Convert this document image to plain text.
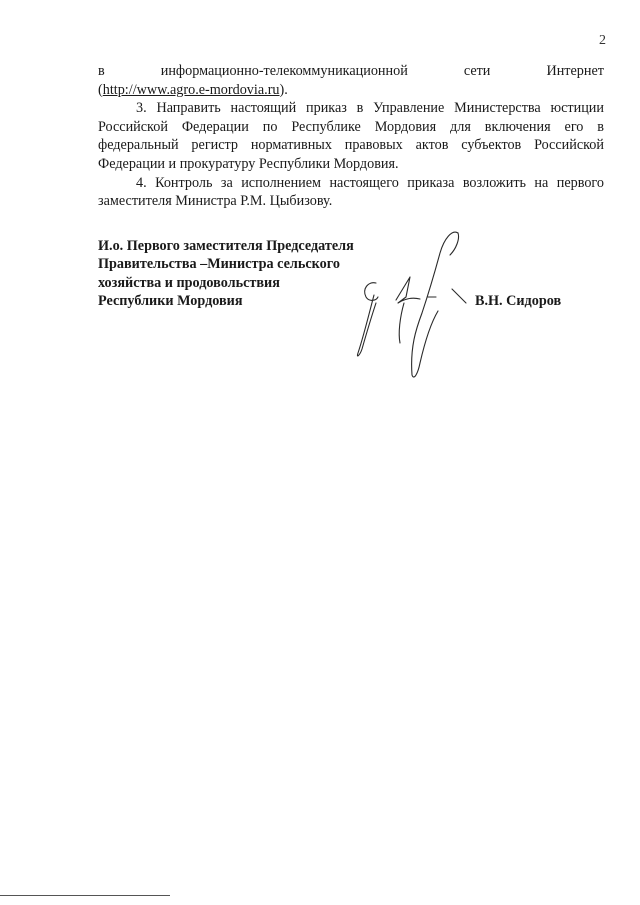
2
в	информационно-телекоммуникационной	сети	Интернет
(http://www.agro.e-mordovia.ru).

3. Направить настоящий приказ в Управление Министерства юстиции Российской Федерации по Республике Мордовия для включения его в федеральный регистр нормативных правовых актов субъектов Российской Федерации и прокуратуру Республики Мордовия.

4. Контроль за исполнением настоящего приказа возложить на первого заместителя Министра Р.М. Цыбизову.

И.о. Первого заместителя Председателя
Правительства –Министра сельского
хозяйства и продовольствия
Республики Мордовия	В.Н. Сидоров
